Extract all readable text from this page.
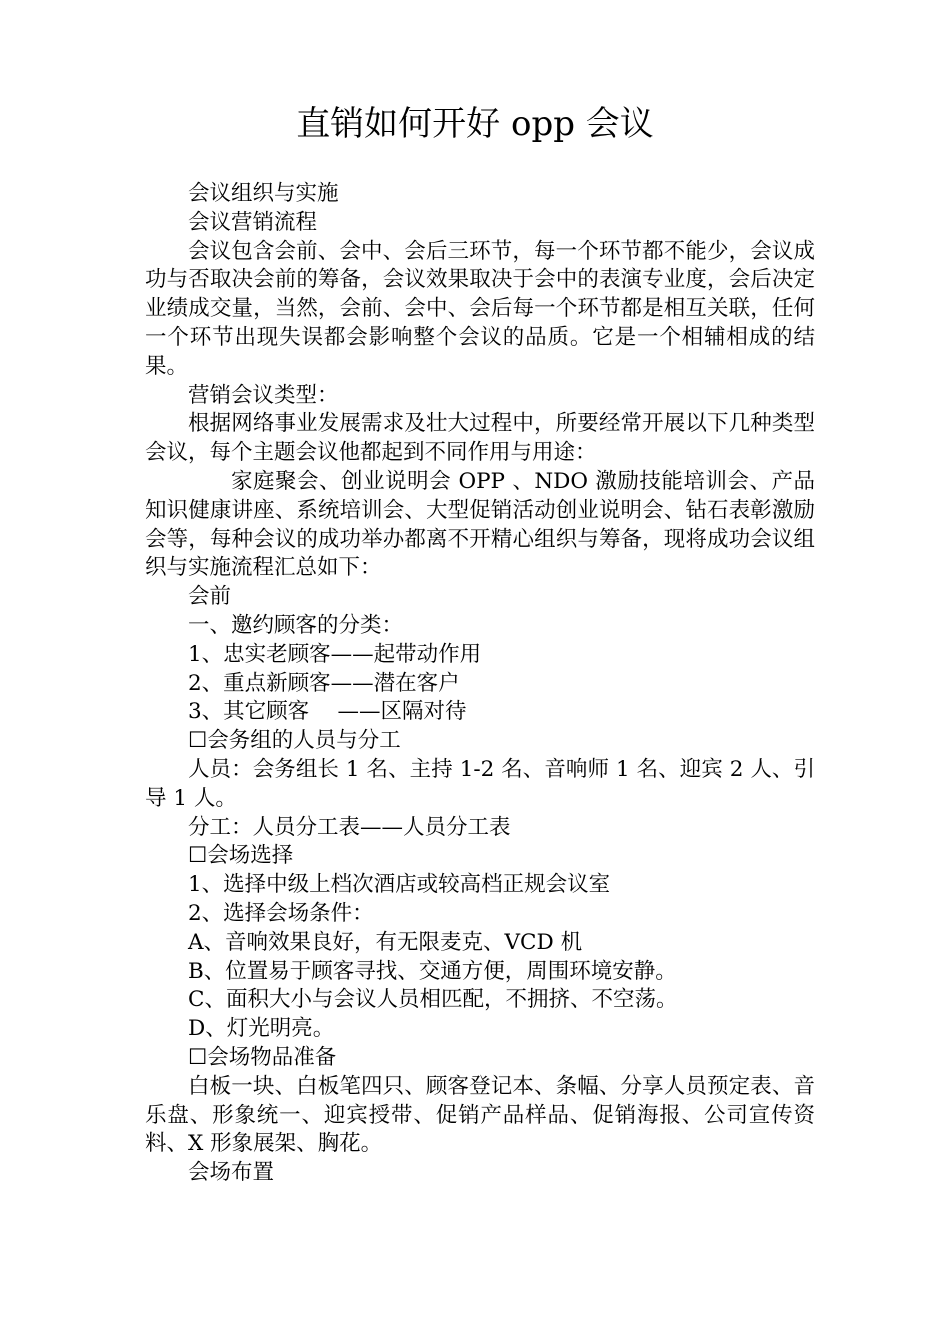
直销如何开好 opp 会议

会议组织与实施

会议营销流程

会议包含会前、会中、会后三环节，每一个环节都不能少，会议成功与否取决会前的筹备，会议效果取决于会中的表演专业度，会后决定业绩成交量，当然，会前、会中、会后每一个环节都是相互关联，任何一个环节出现失误都会影响整个会议的品质。它是一个相辅相成的结果。

营销会议类型：

根据网络事业发展需求及壮大过程中，所要经常开展以下几种类型会议，每个主题会议他都起到不同作用与用途：

家庭聚会、创业说明会 OPP 、NDO 激励技能培训会、产品知识健康讲座、系统培训会、大型促销活动创业说明会、钻石表彰激励会等，每种会议的成功举办都离不开精心组织与筹备，现将成功会议组织与实施流程汇总如下：

会前

一、邀约顾客的分类：

1、忠实老顾客——起带动作用

2、重点新顾客——潜在客户

3、其它顾客　 ——区隔对待

☐会务组的人员与分工

人员：会务组长 1 名、主持 1-2 名、音响师 1 名、迎宾 2 人、引导 1 人。

分工：人员分工表——人员分工表

☐会场选择

1、选择中级上档次酒店或较高档正规会议室

2、选择会场条件：

A、音响效果良好，有无限麦克、VCD 机

B、位置易于顾客寻找、交通方便，周围环境安静。

C、面积大小与会议人员相匹配，不拥挤、不空荡。

D、灯光明亮。

☐会场物品准备

白板一块、白板笔四只、顾客登记本、条幅、分享人员预定表、音乐盘、形象统一、迎宾授带、促销产品样品、促销海报、公司宣传资料、X 形象展架、胸花。

会场布置
